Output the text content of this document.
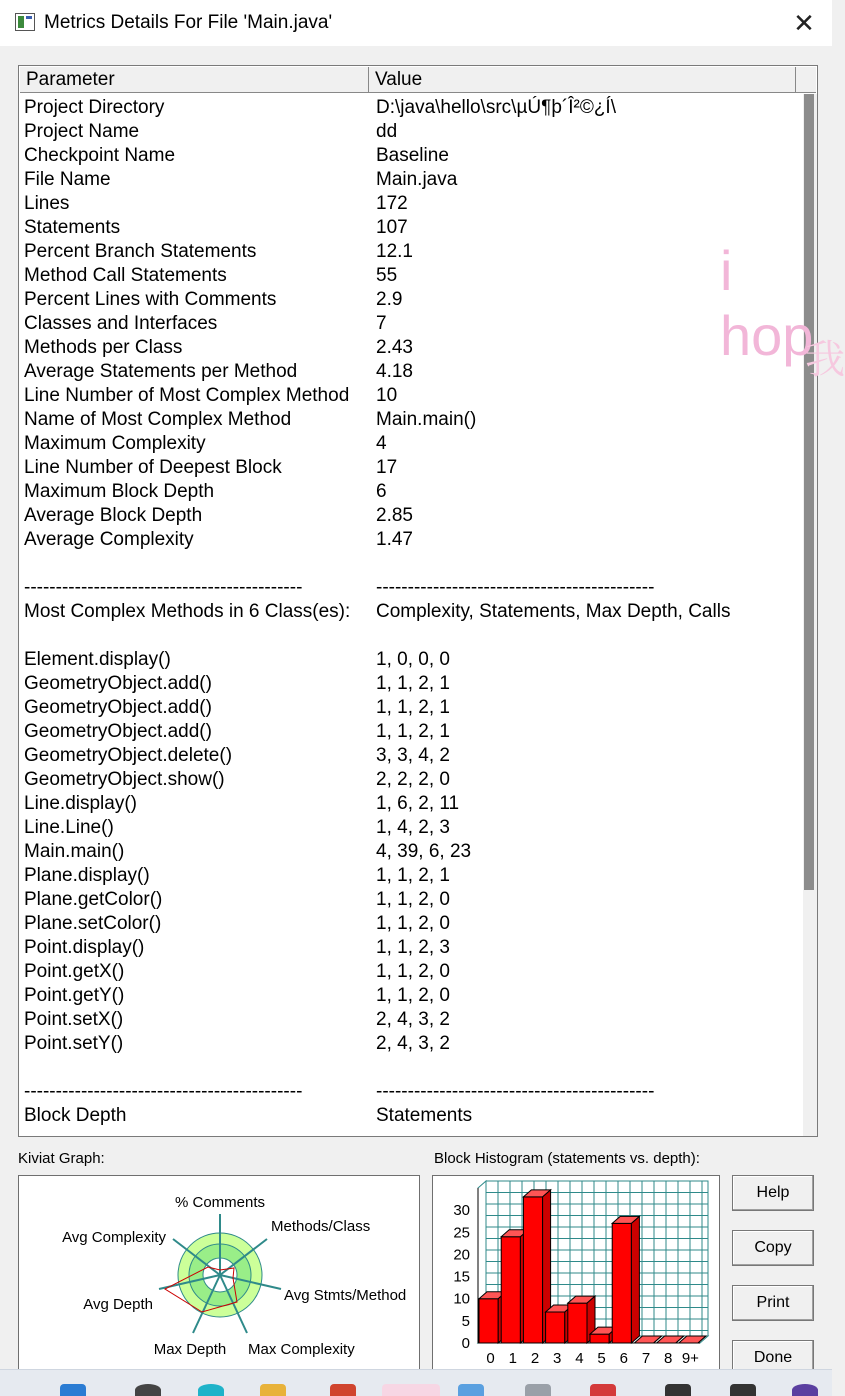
Metrics Details For File 'Main.java'	✕
Parameter	Value
Project Directory	D:\java\hello\src\µÚ¶þ´Î²©¿Í\
Project Name	dd
Checkpoint Name	Baseline
File Name	Main.java
Lines	172
Statements	107
Percent Branch Statements	12.1
Method Call Statements	55
Percent Lines with Comments	2.9
Classes and Interfaces	7
Methods per Class	2.43
Average Statements per Method	4.18
Line Number of Most Complex Method 10
Name of Most Complex Method	Main.main()
Maximum Complexity	4
Line Number of Deepest Block	17
Maximum Block Depth	6
Average Block Depth	2.85
Average Complexity	1.47
--------------------------------------------	--------------------------------------------
Most Complex Methods in 6 Class(es): Complexity, Statements, Max Depth, Calls
Element.display()	1, 0, 0, 0
GeometryObject.add()	1, 1, 2, 1
GeometryObject.add()	1, 1, 2, 1
GeometryObject.add()	1, 1, 2, 1
GeometryObject.delete()	3, 3, 4, 2
GeometryObject.show()	2, 2, 2, 0
Line.display()	1, 6, 2, 11
Line.Line()	1, 4, 2, 3
Main.main()	4, 39, 6, 23
Plane.display()	1, 1, 2, 1
Plane.getColor()	1, 1, 2, 0
Plane.setColor()	1, 1, 2, 0
Point.display()	1, 1, 2, 3
Point.getX()	1, 1, 2, 0
Point.getY()	1, 1, 2, 0
Point.setX()	2, 4, 3, 2
Point.setY()	2, 4, 3, 2
--------------------------------------------	--------------------------------------------
Block Depth	Statements
i hop
我
Kiviat Graph:	Block Histogram (statements vs. depth):
% Comments
Methods/Class
Avg Stmts/Method
Max Complexity
Max Depth
Avg Depth
Avg Complexity
0
5
10
15
20
25
30
0 1 2 3 4 5 6 7 8 9+
Help
Copy
Print
Done
